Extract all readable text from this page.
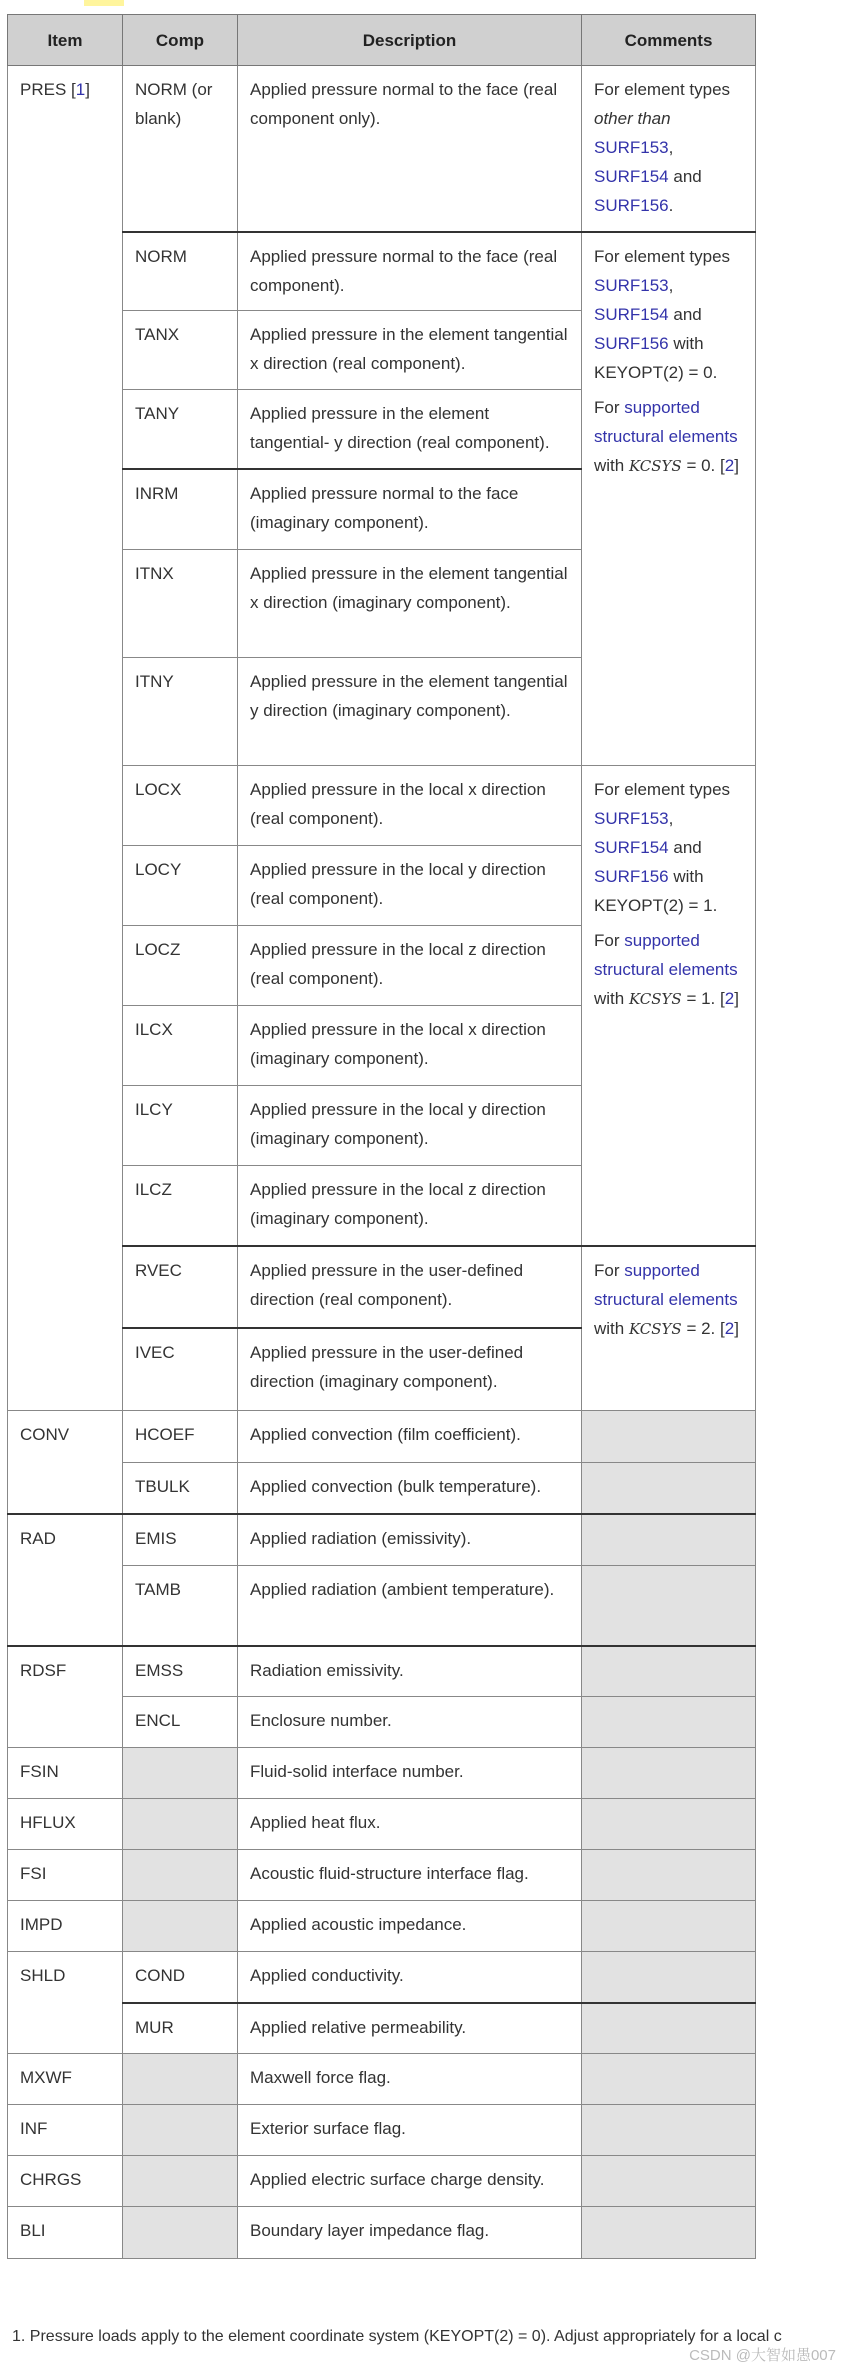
Item	Comp	Description	Comments
PRES [1]	NORM (or blank)	Applied pressure normal to the face (real component only).	For element types other than SURF153, SURF154 and SURF156.
	NORM	Applied pressure normal to the face (real component).	For element types SURF153, SURF154 and SURF156 with KEYOPT(2) = 0.
For supported structural elements with KCSYS = 0. [2]
	TANX	Applied pressure in the element tangential x direction (real component).	
	TANY	Applied pressure in the element tangential- y direction (real component).	
	INRM	Applied pressure normal to the face (imaginary component).	
	ITNX	Applied pressure in the element tangential x direction (imaginary component).	
	ITNY	Applied pressure in the element tangential y direction (imaginary component).	
	LOCX	Applied pressure in the local x direction (real component).	For element types SURF153, SURF154 and SURF156 with KEYOPT(2) = 1.
For supported structural elements with KCSYS = 1. [2]
	LOCY	Applied pressure in the local y direction (real component).	
	LOCZ	Applied pressure in the local z direction (real component).	
	ILCX	Applied pressure in the local x direction (imaginary component).	
	ILCY	Applied pressure in the local y direction (imaginary component).	
	ILCZ	Applied pressure in the local z direction (imaginary component).	
	RVEC	Applied pressure in the user-defined direction (real component).	For supported structural elements with KCSYS = 2. [2]
	IVEC	Applied pressure in the user-defined direction (imaginary component).	
CONV	HCOEF	Applied convection (film coefficient).	
	TBULK	Applied convection (bulk temperature).	
RAD	EMIS	Applied radiation (emissivity).	
	TAMB	Applied radiation (ambient temperature).	
RDSF	EMSS	Radiation emissivity.	
	ENCL	Enclosure number.	
FSIN		Fluid-solid interface number.	
HFLUX		Applied heat flux.	
FSI		Acoustic fluid-structure interface flag.	
IMPD		Applied acoustic impedance.	
SHLD	COND	Applied conductivity.	
	MUR	Applied relative permeability.	
MXWF		Maxwell force flag.	
INF		Exterior surface flag.	
CHRGS		Applied electric surface charge density.	
BLI		Boundary layer impedance flag.	
1. Pressure loads apply to the element coordinate system (KEYOPT(2) = 0). Adjust appropriately for a local c
CSDN @大智如愚007
